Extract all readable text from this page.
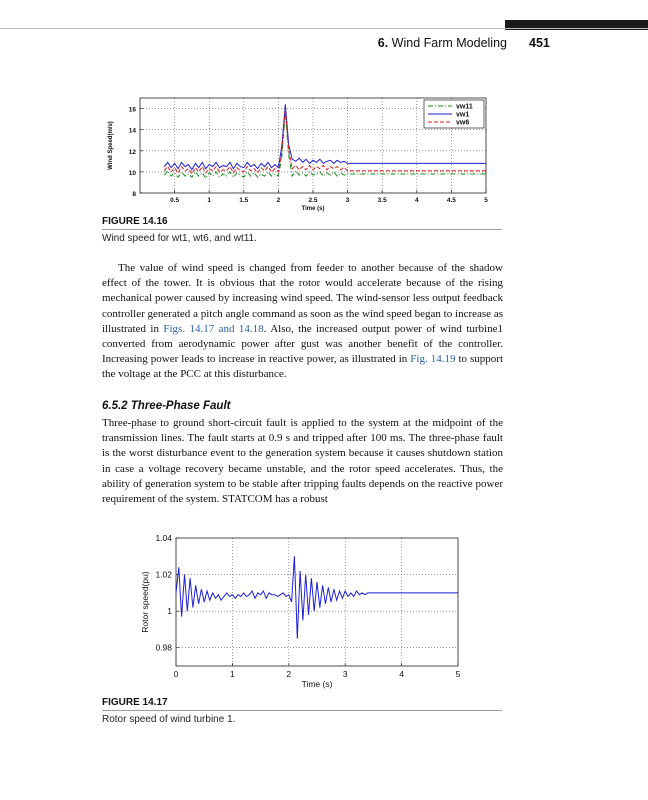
6. Wind Farm Modeling 451
0.5	1	1.5	2	2.5	3	3.5	4	4.5	5
8
10
12
14
16
Time (s)
Wind Speed(m/s)
vw11
vw1
vw6
FIGURE 14.16
Wind speed for wt1, wt6, and wt11.

The value of wind speed is changed from feeder to another because of the shadow effect of the tower. It is obvious that the rotor would accelerate because of the rising mechanical power caused by increasing wind speed. The wind-sensor less output feedback controller generated a pitch angle command as soon as the wind speed began to increase as illustrated in Figs. 14.17 and 14.18. Also, the increased output power of wind turbine1 converted from aerodynamic power after gust was another benefit of the controller. Increasing power leads to increase in reactive power, as illustrated in Fig. 14.19 to support the voltage at the PCC at this disturbance.

6.5.2 Three-Phase Fault

Three-phase to ground short-circuit fault is applied to the system at the midpoint of the transmission lines. The fault starts at 0.9 s and tripped after 100 ms. The three-phase fault is the worst disturbance event to the generation system because it causes shutdown station in case a voltage recovery became unstable, and the rotor speed accelerates. Thus, the ability of generation system to be stable after tripping faults depends on the reactive power requirement of the system. STATCOM has a robust

0	1	2	3	4	5
0.98
1
1.02
1.04
Time (s)
Rotor speed(pu)
FIGURE 14.17
Rotor speed of wind turbine 1.
